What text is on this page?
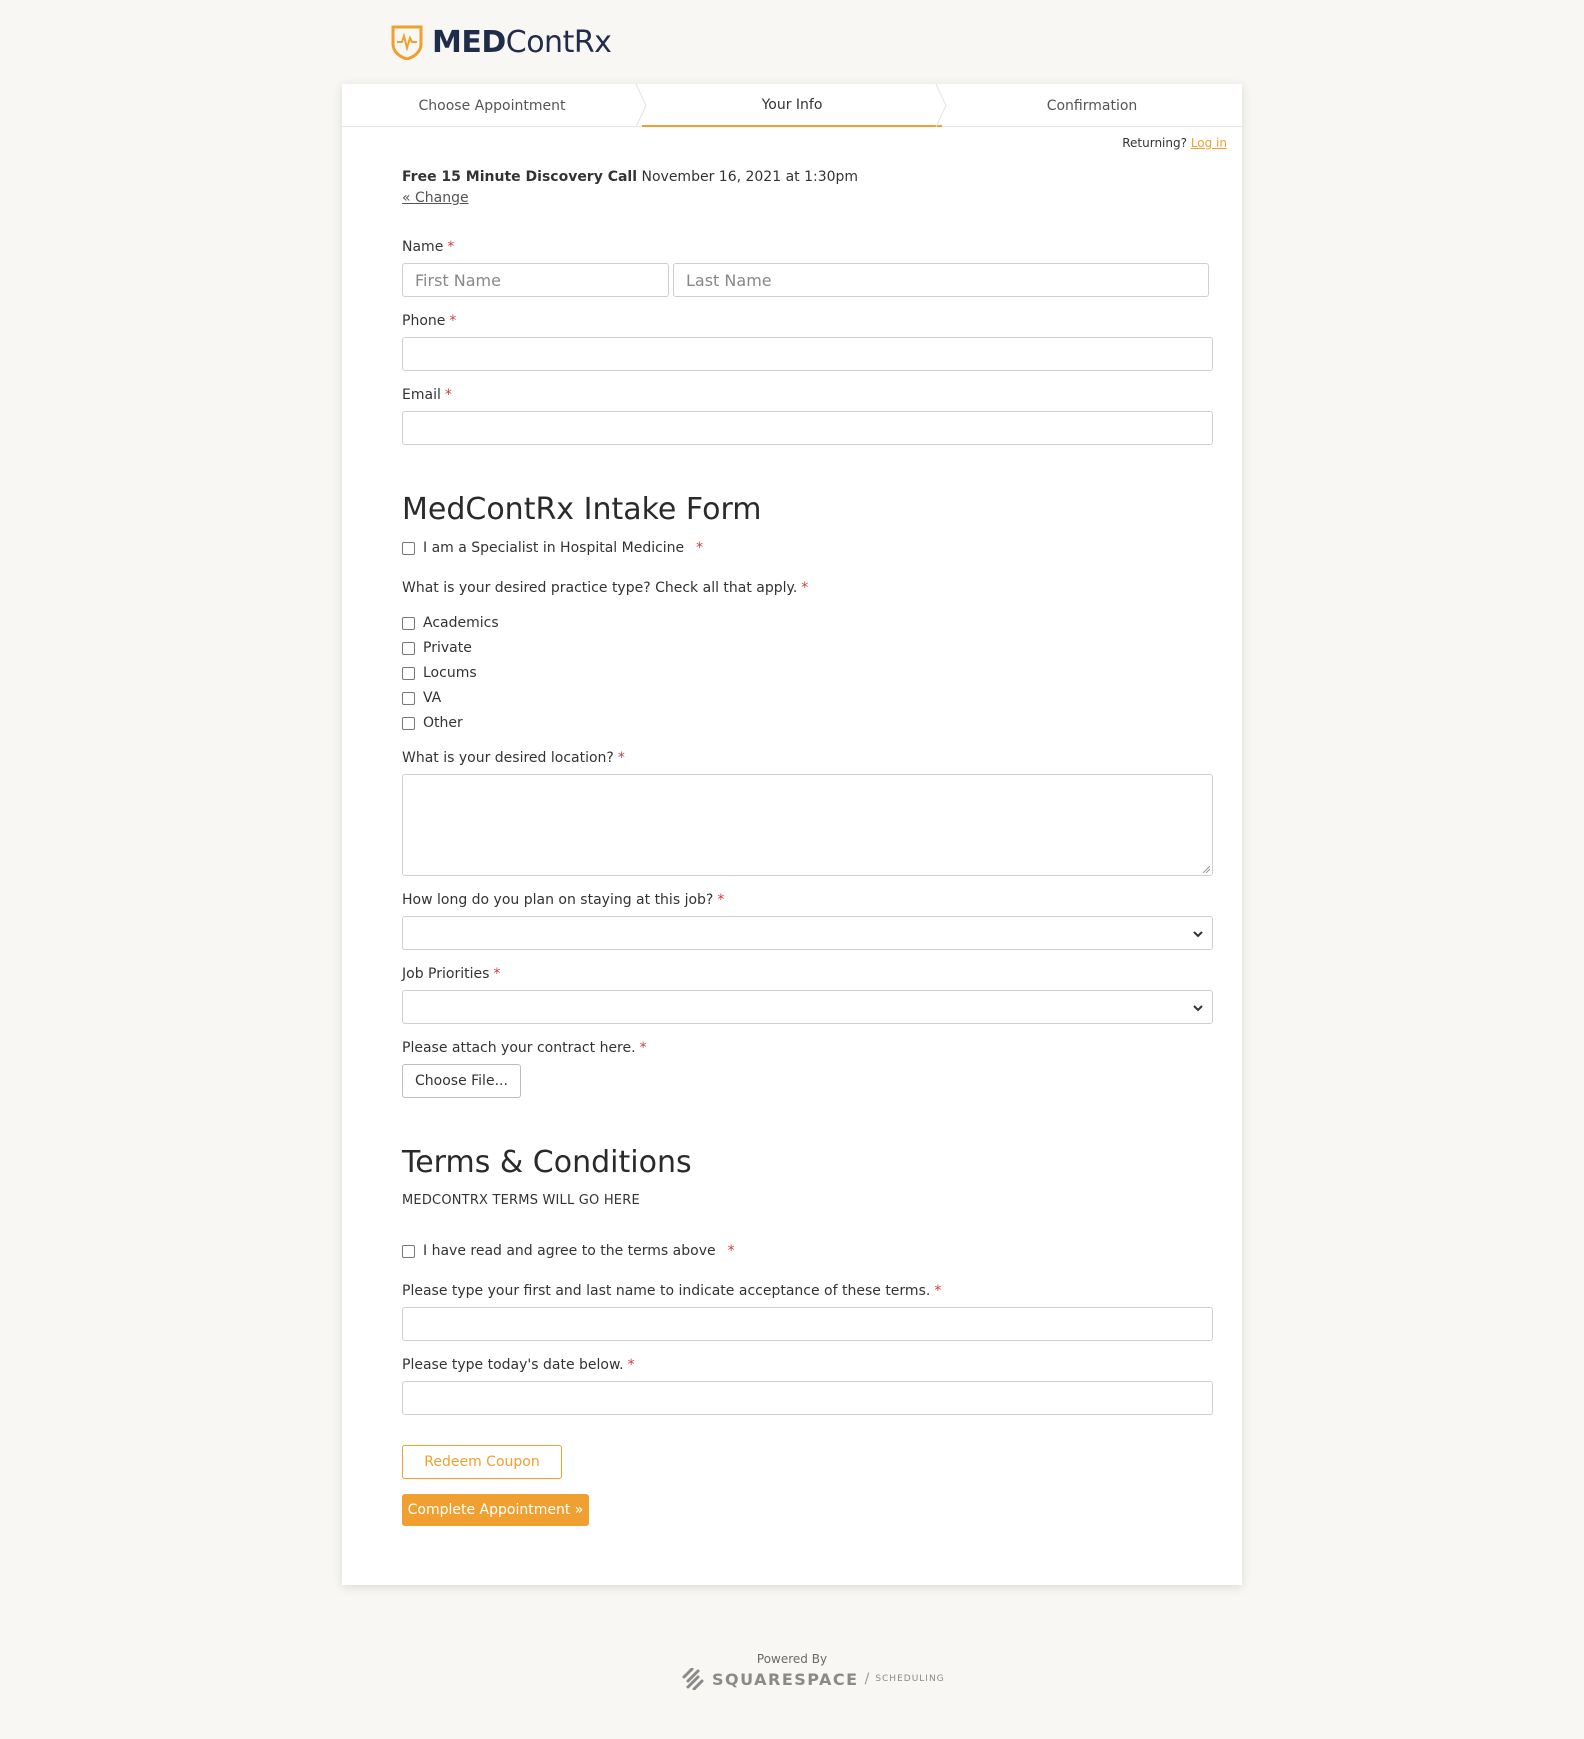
MEDContRx
Choose Appointment	Your Info	Confirmation
Returning? Log in
Free 15 Minute Discovery Call November 16, 2021 at 1:30pm
« Change
Name *
First Name	Last Name
Phone *
Email *
MedContRx Intake Form
I am a Specialist in Hospital Medicine *
What is your desired practice type? Check all that apply. *
Academics
Private
Locums
VA
Other
What is your desired location? *
How long do you plan on staying at this job? *
Job Priorities *
Please attach your contract here. *
Choose File...
Terms & Conditions
MEDCONTRX TERMS WILL GO HERE
I have read and agree to the terms above *
Please type your first and last name to indicate acceptance of these terms. *
Please type today's date below. *
Redeem Coupon
Complete Appointment »
Powered By
SQUARESPACE / SCHEDULING
